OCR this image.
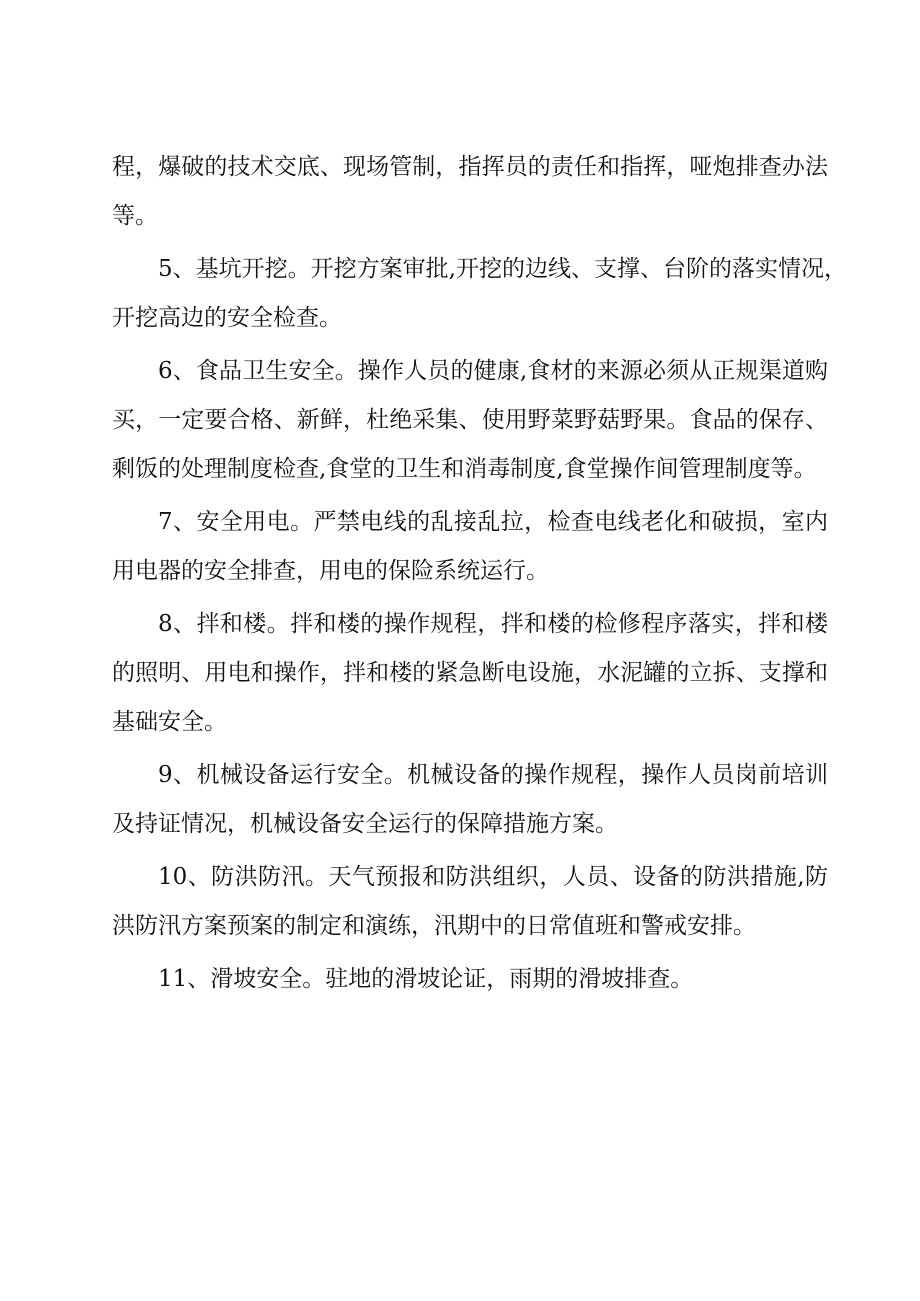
程，爆破的技术交底、现场管制，指挥员的责任和指挥，哑炮排查办法
等。
5、基坑开挖。开挖方案审批,开挖的边线、支撑、台阶的落实情况，
开挖高边的安全检查。
6、食品卫生安全。操作人员的健康,食材的来源必须从正规渠道购
买，一定要合格、新鲜，杜绝采集、使用野菜野菇野果。食品的保存、
剩饭的处理制度检查,食堂的卫生和消毒制度,食堂操作间管理制度等。
7、安全用电。严禁电线的乱接乱拉，检查电线老化和破损，室内
用电器的安全排查，用电的保险系统运行。
8、拌和楼。拌和楼的操作规程，拌和楼的检修程序落实，拌和楼
的照明、用电和操作，拌和楼的紧急断电设施，水泥罐的立拆、支撑和
基础安全。
9、机械设备运行安全。机械设备的操作规程，操作人员岗前培训
及持证情况，机械设备安全运行的保障措施方案。
10、防洪防汛。天气预报和防洪组织，人员、设备的防洪措施,防
洪防汛方案预案的制定和演练，汛期中的日常值班和警戒安排。
11、滑坡安全。驻地的滑坡论证，雨期的滑坡排查。
